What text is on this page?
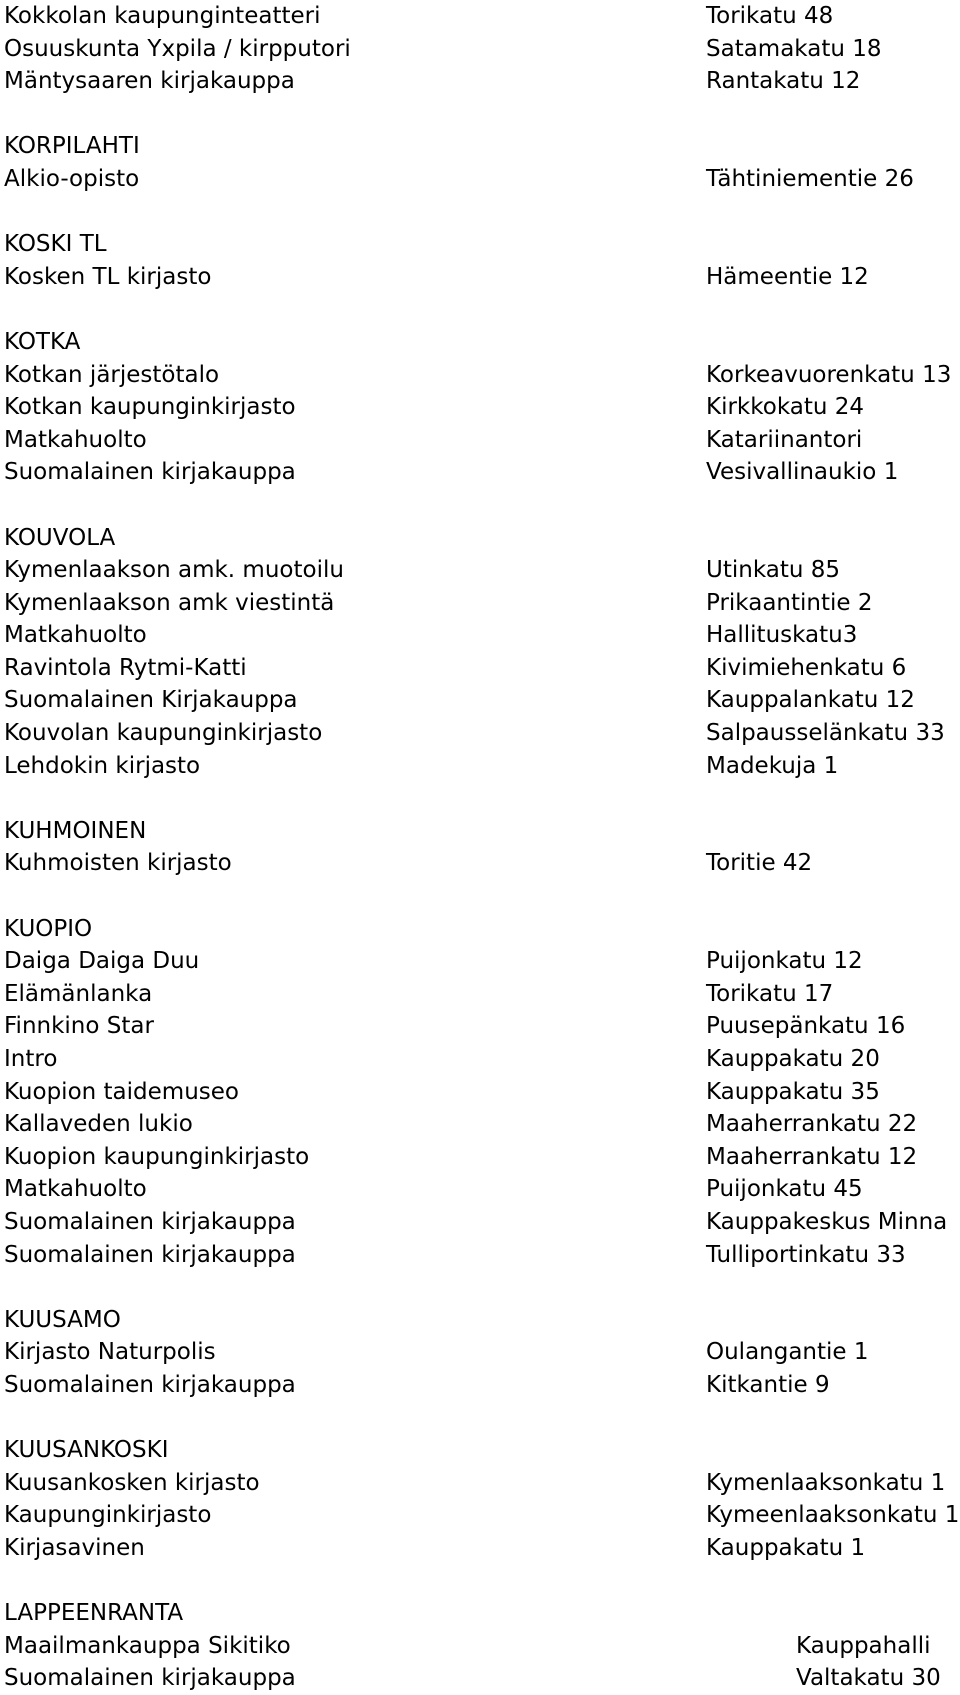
Kokkolan kaupunginteatteri	Torikatu 48
Osuuskunta Yxpila / kirpputori	Satamakatu 18
Mäntysaaren kirjakauppa	Rantakatu 12
KORPILAHTI
Alkio-opisto	Tähtiniementie 26
KOSKI TL
Kosken TL kirjasto	Hämeentie 12
KOTKA
Kotkan järjestötalo	Korkeavuorenkatu 13
Kotkan kaupunginkirjasto	Kirkkokatu 24
Matkahuolto	Katariinantori
Suomalainen kirjakauppa	Vesivallinaukio 1
KOUVOLA
Kymenlaakson amk. muotoilu	Utinkatu 85
Kymenlaakson amk viestintä	Prikaantintie 2
Matkahuolto	Hallituskatu3
Ravintola Rytmi-Katti	Kivimiehenkatu 6
Suomalainen Kirjakauppa	Kauppalankatu 12
Kouvolan kaupunginkirjasto	Salpausselänkatu 33
Lehdokin kirjasto	Madekuja 1
KUHMOINEN
Kuhmoisten kirjasto	Toritie 42
KUOPIO
Daiga Daiga Duu	Puijonkatu 12
Elämänlanka	Torikatu 17
Finnkino Star	Puusepänkatu 16
Intro	Kauppakatu 20
Kuopion taidemuseo	Kauppakatu 35
Kallaveden lukio	Maaherrankatu 22
Kuopion kaupunginkirjasto	Maaherrankatu 12
Matkahuolto	Puijonkatu 45
Suomalainen kirjakauppa	Kauppakeskus Minna
Suomalainen kirjakauppa	Tulliportinkatu 33
KUUSAMO
Kirjasto Naturpolis	Oulangantie 1
Suomalainen kirjakauppa	Kitkantie 9
KUUSANKOSKI
Kuusankosken kirjasto	Kymenlaaksonkatu 1
Kaupunginkirjasto	Kymeenlaaksonkatu 1
Kirjasavinen	Kauppakatu 1
LAPPEENRANTA
Maailmankauppa Sikitiko	Kauppahalli
Suomalainen kirjakauppa	Valtakatu 30
